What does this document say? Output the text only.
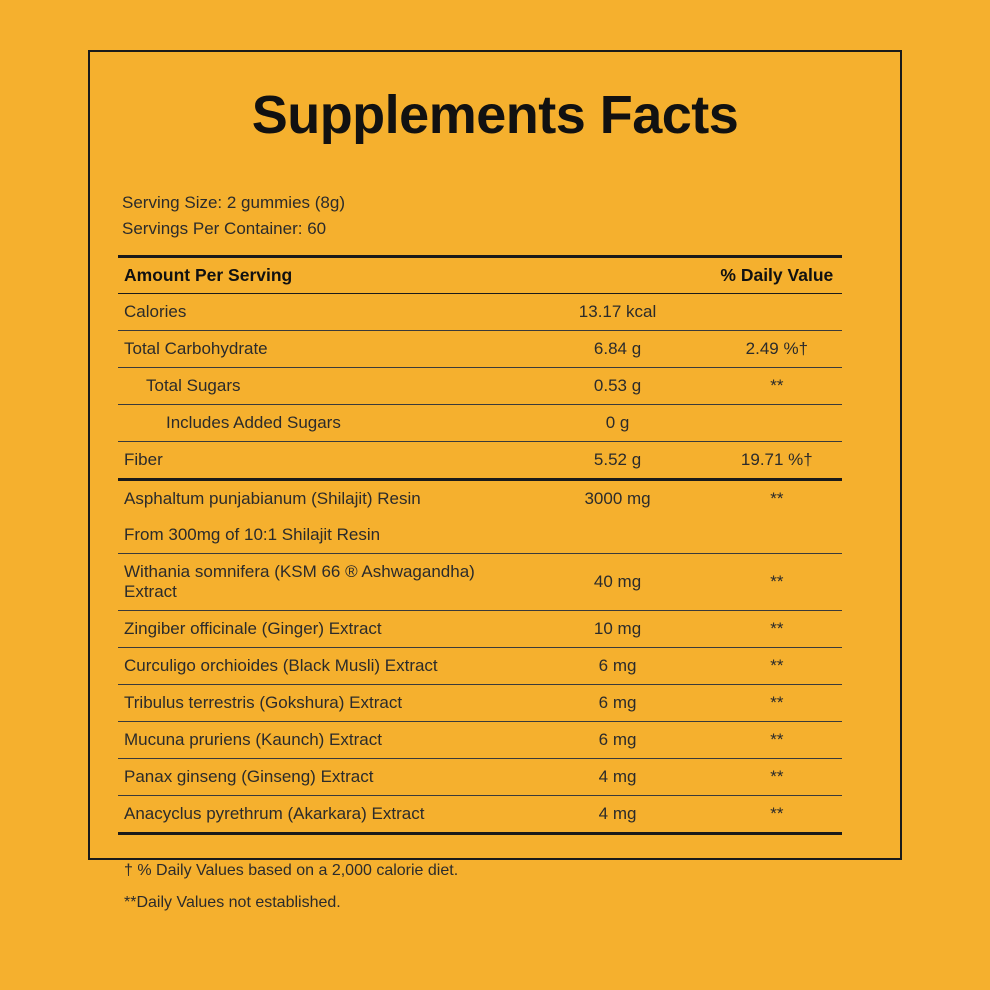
Supplements Facts
Serving Size: 2 gummies (8g)
Servings Per Container: 60
Amount Per Serving		% Daily Value
Calories	13.17 kcal	
Total Carbohydrate	6.84 g	2.49 %†
Total Sugars	0.53 g	**
Includes Added Sugars	0 g	
Fiber	5.52 g	19.71 %†
Asphaltum punjabianum (Shilajit) Resin	3000 mg	**
From 300mg of 10:1 Shilajit Resin		
Withania somnifera (KSM 66 ® Ashwagandha) Extract	40 mg	**
Zingiber officinale (Ginger) Extract	10 mg	**
Curculigo orchioides (Black Musli) Extract	6 mg	**
Tribulus terrestris (Gokshura) Extract	6 mg	**
Mucuna pruriens (Kaunch) Extract	6 mg	**
Panax ginseng (Ginseng) Extract	4 mg	**
Anacyclus pyrethrum (Akarkara) Extract	4 mg	**
† % Daily Values based on a 2,000 calorie diet.
**Daily Values not established.
